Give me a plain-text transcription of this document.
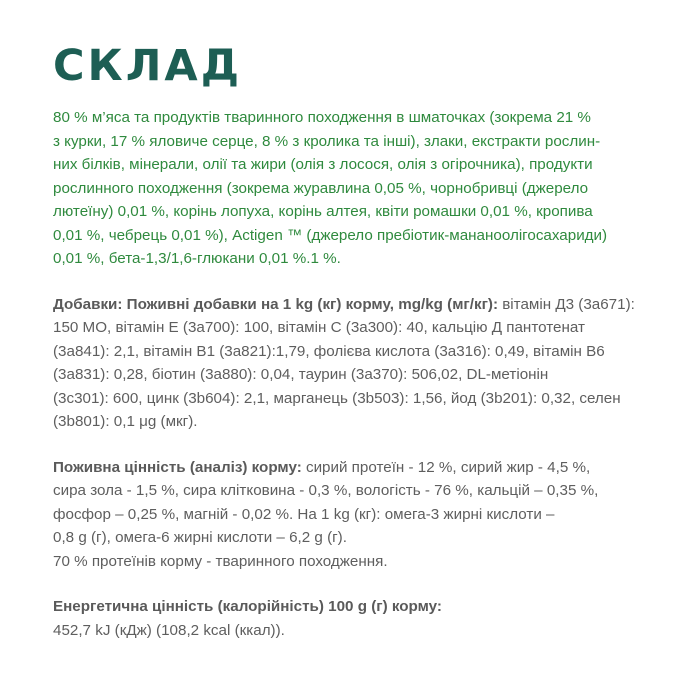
СКЛАД
80 % м’яса та продуктів тваринного походження в шматочках (зокрема 21 %
з курки, 17 % яловиче серце, 8 % з кролика та інші), злаки, екстракти рослин-
них білків, мінерали, олії та жири (олія з лосося, олія з огірочника), продукти
рослинного походження (зокрема журавлина 0,05 %, чорнобривці (джерело
лютеїну) 0,01 %, корінь лопуха, корінь алтея, квіти ромашки 0,01 %, кропива
0,01 %, чебрець 0,01 %), Actigen ™ (джерело пребіотик-мананоолігосахариди)
0,01 %, бета-1,3/1,6-глюкани 0,01 %.1 %.
Добавки: Поживні добавки на 1 kg (кг) корму, mg/kg (мг/кг): вітамін Д3 (3a671):
150 МО, вітамін Е (3а700): 100, вітамін С (3а300): 40, кальцію Д пантотенат
(3а841): 2,1, вітамін В1 (3а821):1,79, фолієва кислота (3а316): 0,49, вітамін В6
(3а831): 0,28, біотин (3а880): 0,04, таурин (3а370): 506,02, DL-метіонін
(3c301): 600, цинк (3b604): 2,1, марганець (3b503): 1,56, йод (3b201): 0,32, селен
(3b801): 0,1 μg (мкг).
Поживна цінність (аналіз) корму: сирий протеїн - 12 %, сирий жир - 4,5 %,
сира зола - 1,5 %, сира клітковина - 0,3 %, вологість - 76 %, кальцій – 0,35 %,
фосфор – 0,25 %, магній - 0,02 %. На 1 kg (кг): омега-3 жирні кислоти –
0,8 g (г), омега-6 жирні кислоти – 6,2 g (г).
70 % протеїнів корму - тваринного походження.
Енергетична цінність (калорійність) 100 g (г) корму:
452,7 kJ (кДж) (108,2 kcal (ккал)).
